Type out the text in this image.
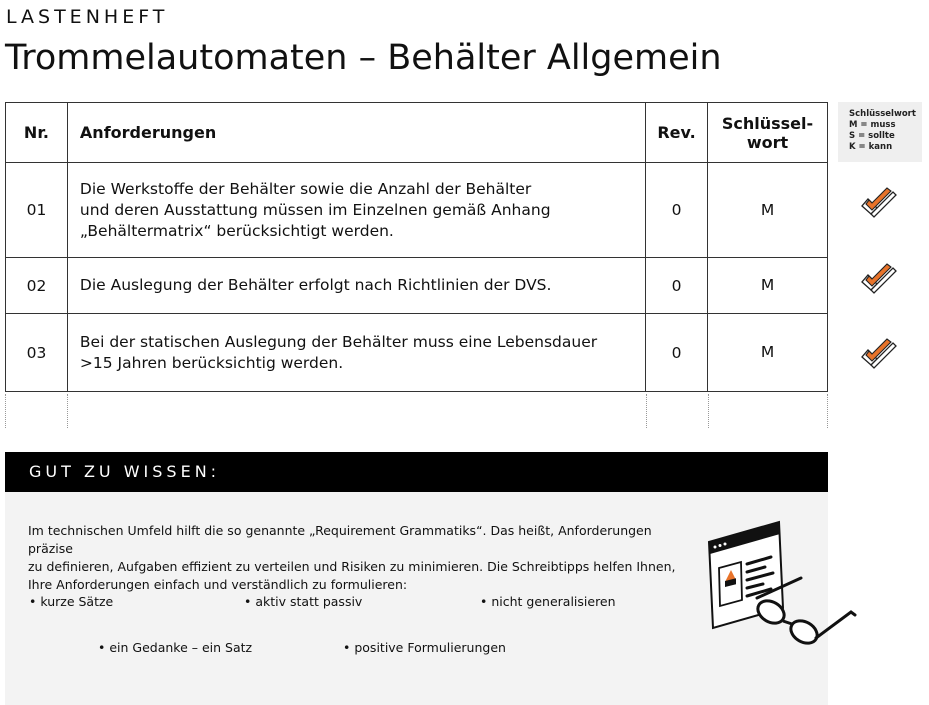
LASTENHEFT
Trommelautomaten – Behälter Allgemein
Nr.	Anforderungen	Rev.	Schlüssel-
wort
01	Die Werkstoffe der Behälter sowie die Anzahl der Behälter
und deren Ausstattung müssen im Einzelnen gemäß Anhang
„Behältermatrix“ berücksichtigt werden.	0	M
02	Die Auslegung der Behälter erfolgt nach Richtlinien der DVS.	0	M
03	Bei der statischen Auslegung der Behälter muss eine Lebensdauer
>15 Jahren berücksichtig werden.	0	M
Schlüsselwort
M = muss
S = sollte
K = kann
GUT ZU WISSEN:
Im technischen Umfeld hilft die so genannte „Requirement Grammatiks“. Das heißt, Anforderungen präzise
zu definieren, Aufgaben effizient zu verteilen und Risiken zu minimieren. Die Schreibtipps helfen Ihnen,
Ihre Anforderungen einfach und verständlich zu formulieren:
• kurze Sätze	• aktiv statt passiv	• nicht generalisieren
• ein Gedanke – ein Satz	• positive Formulierungen
